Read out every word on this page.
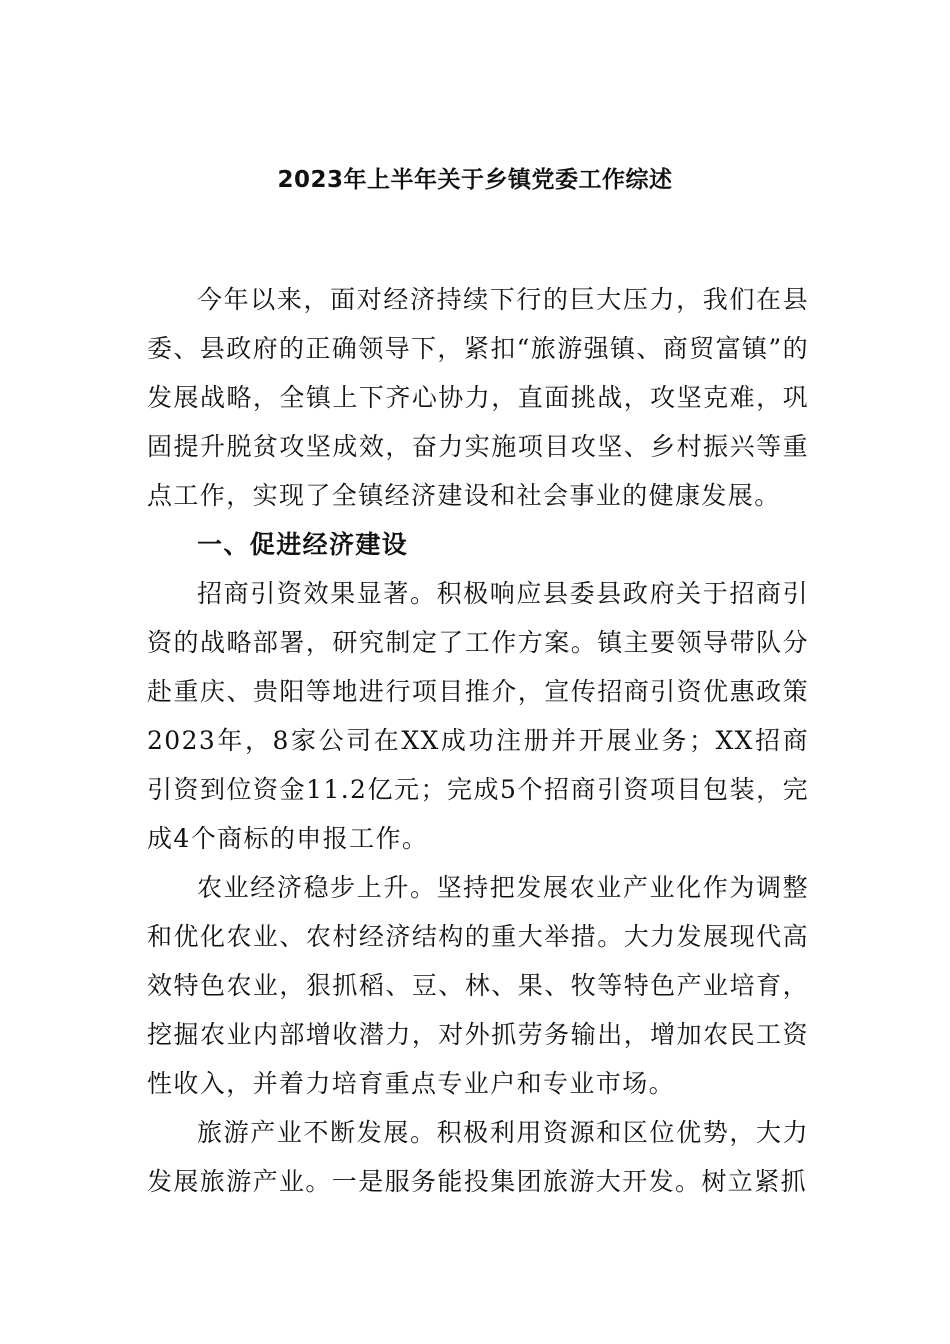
2023年上半年关于乡镇党委工作综述

今年以来，面对经济持续下行的巨大压力，我们在县委、县政府的正确领导下，紧扣“旅游强镇、商贸富镇”的发展战略，全镇上下齐心协力，直面挑战，攻坚克难，巩固提升脱贫攻坚成效，奋力实施项目攻坚、乡村振兴等重点工作，实现了全镇经济建设和社会事业的健康发展。

一、促进经济建设

招商引资效果显著。积极响应县委县政府关于招商引资的战略部署，研究制定了工作方案。镇主要领导带队分赴重庆、贵阳等地进行项目推介，宣传招商引资优惠政策2023年，8家公司在XX成功注册并开展业务；XX招商引资到位资金11.2亿元；完成5个招商引资项目包装，完成4个商标的申报工作。

农业经济稳步上升。坚持把发展农业产业化作为调整和优化农业、农村经济结构的重大举措。大力发展现代高效特色农业，狠抓稻、豆、林、果、牧等特色产业培育，挖掘农业内部增收潜力，对外抓劳务输出，增加农民工资性收入，并着力培育重点专业户和专业市场。

旅游产业不断发展。积极利用资源和区位优势，大力发展旅游产业。一是服务能投集团旅游大开发。树立紧抓
